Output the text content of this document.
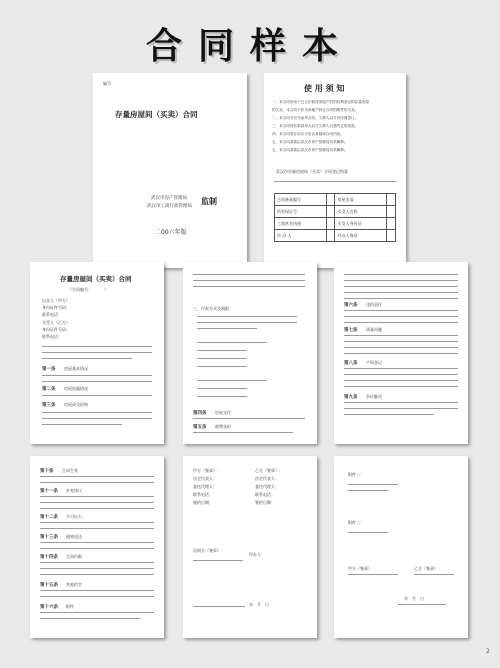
合同样本
编号：
存量房屋间（买卖）合同
武汉市房产管理局
武汉市工商行政管理局
监制
二00六年版
使 用 须 知
一、本合同所用于已合法取得房屋产权的权利登记的存量房屋
的买卖，本合同不作为房地产转让合同的附件的买卖。
二、本合同书仅为参考合同，当事人双方可协商签订。
三、本合同所有条款均为双方当事人自愿约定的条款。
四、本合同签订前买方应认真阅读合同内容。
五、本合同条款由武汉市房产管理局负责解释。
五、本合同条款由武汉市房产管理局负责解释。
武汉市存量房屋间（买卖）合同登记档案
合同备案编号		房屋坐落	
所有权证号		买受人名称	
工商营业执照		买受人身份证	
经 办 人		经办人签章	
存量房屋间（买卖）合同
（合同编号：　　　）
出卖人（甲方）：
身份证件号码：
联系电话：
买受人（乙方）：
身份证件号码：
联系电话：
第一条 房屋基本情况
第二条 房屋权属情况
第三条 房屋成交价格
三、付款方式及期限
第四条 房屋交付
第五条 税费承担
第六条 违约责任
第七条 质量问题
第八条 产权登记
第九条 争议解决
第十条 合同生效
第十一条 补充协议
第十二条 不可抗力
第十三条 通知送达
第十四条 合同份数
第十五条 其他约定
第十六条 附件
甲方（签章）：
法定代表人：
委托代理人：
联系电话：
签约日期：
乙方（签章）：
法定代表人：
委托代理人：
联系电话：
签约日期：
居间方（签章）：
经办人：
年　月　日
附件一：
附件二：
甲方（签章）：	乙方（签章）：
年　月　日
2
